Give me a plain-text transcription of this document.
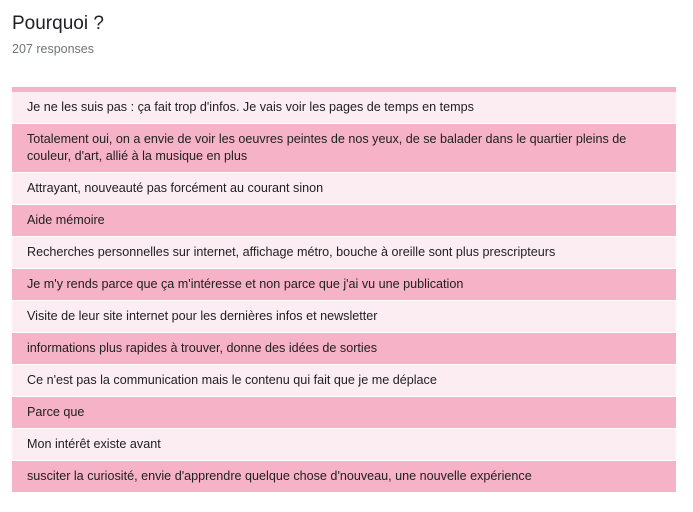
Pourquoi ?
207 responses
Je ne les suis pas : ça fait trop d'infos. Je vais voir les pages de temps en temps
Totalement oui, on a envie de voir les oeuvres peintes de nos yeux, de se balader dans le quartier pleins de couleur, d'art, allié à la musique en plus
Attrayant, nouveauté pas forcément au courant sinon
Aide mémoire
Recherches personnelles sur internet, affichage métro, bouche à oreille sont plus prescripteurs
Je m'y rends parce que ça m'intéresse et non parce que j'ai vu une publication
Visite de leur site internet pour les dernières infos et newsletter
informations plus rapides à trouver, donne des idées de sorties
Ce n'est pas la communication mais le contenu qui fait que je me déplace
Parce que
Mon intérêt existe avant
susciter la curiosité, envie d'apprendre quelque chose d'nouveau, une nouvelle expérience
